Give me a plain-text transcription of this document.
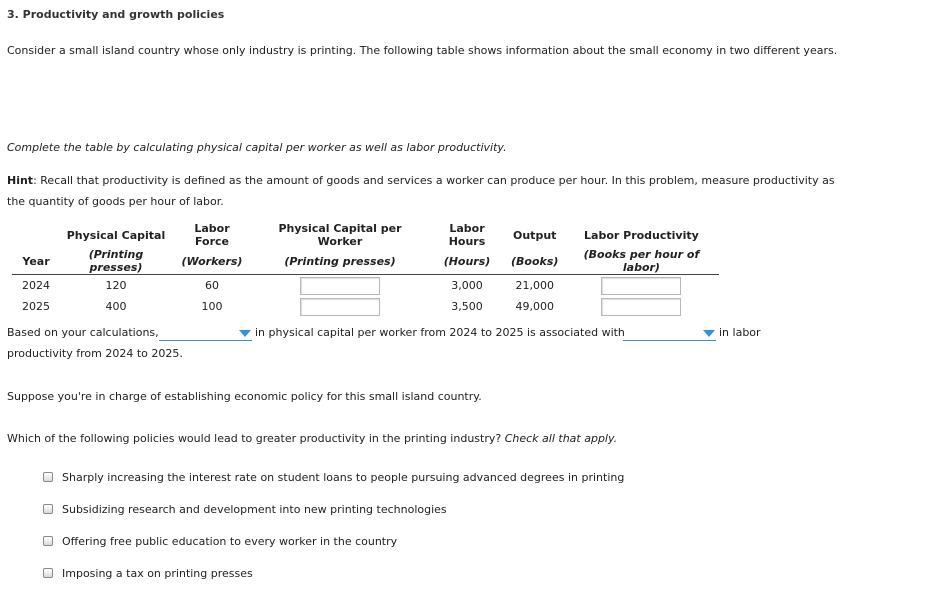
3. Productivity and growth policies
Consider a small island country whose only industry is printing. The following table shows information about the small economy in two different years.
Complete the table by calculating physical capital per worker as well as labor productivity.
Hint: Recall that productivity is defined as the amount of goods and services a worker can produce per hour. In this problem, measure productivity as
the quantity of goods per hour of labor.
	Physical Capital	Labor Force	Physical Capital per Worker	Labor Hours	Output	Labor Productivity
Year	(Printing presses)	(Workers)	(Printing presses)	(Hours)	(Books)	(Books per hour of labor)
2024	120	60		3,000	21,000	
2025	400	100		3,500	49,000	
Based on your calculations,	in physical capital per worker from 2024 to 2025 is associated with	in labor
productivity from 2024 to 2025.
Suppose you're in charge of establishing economic policy for this small island country.
Which of the following policies would lead to greater productivity in the printing industry? Check all that apply.
Sharply increasing the interest rate on student loans to people pursuing advanced degrees in printing
Subsidizing research and development into new printing technologies
Offering free public education to every worker in the country
Imposing a tax on printing presses
